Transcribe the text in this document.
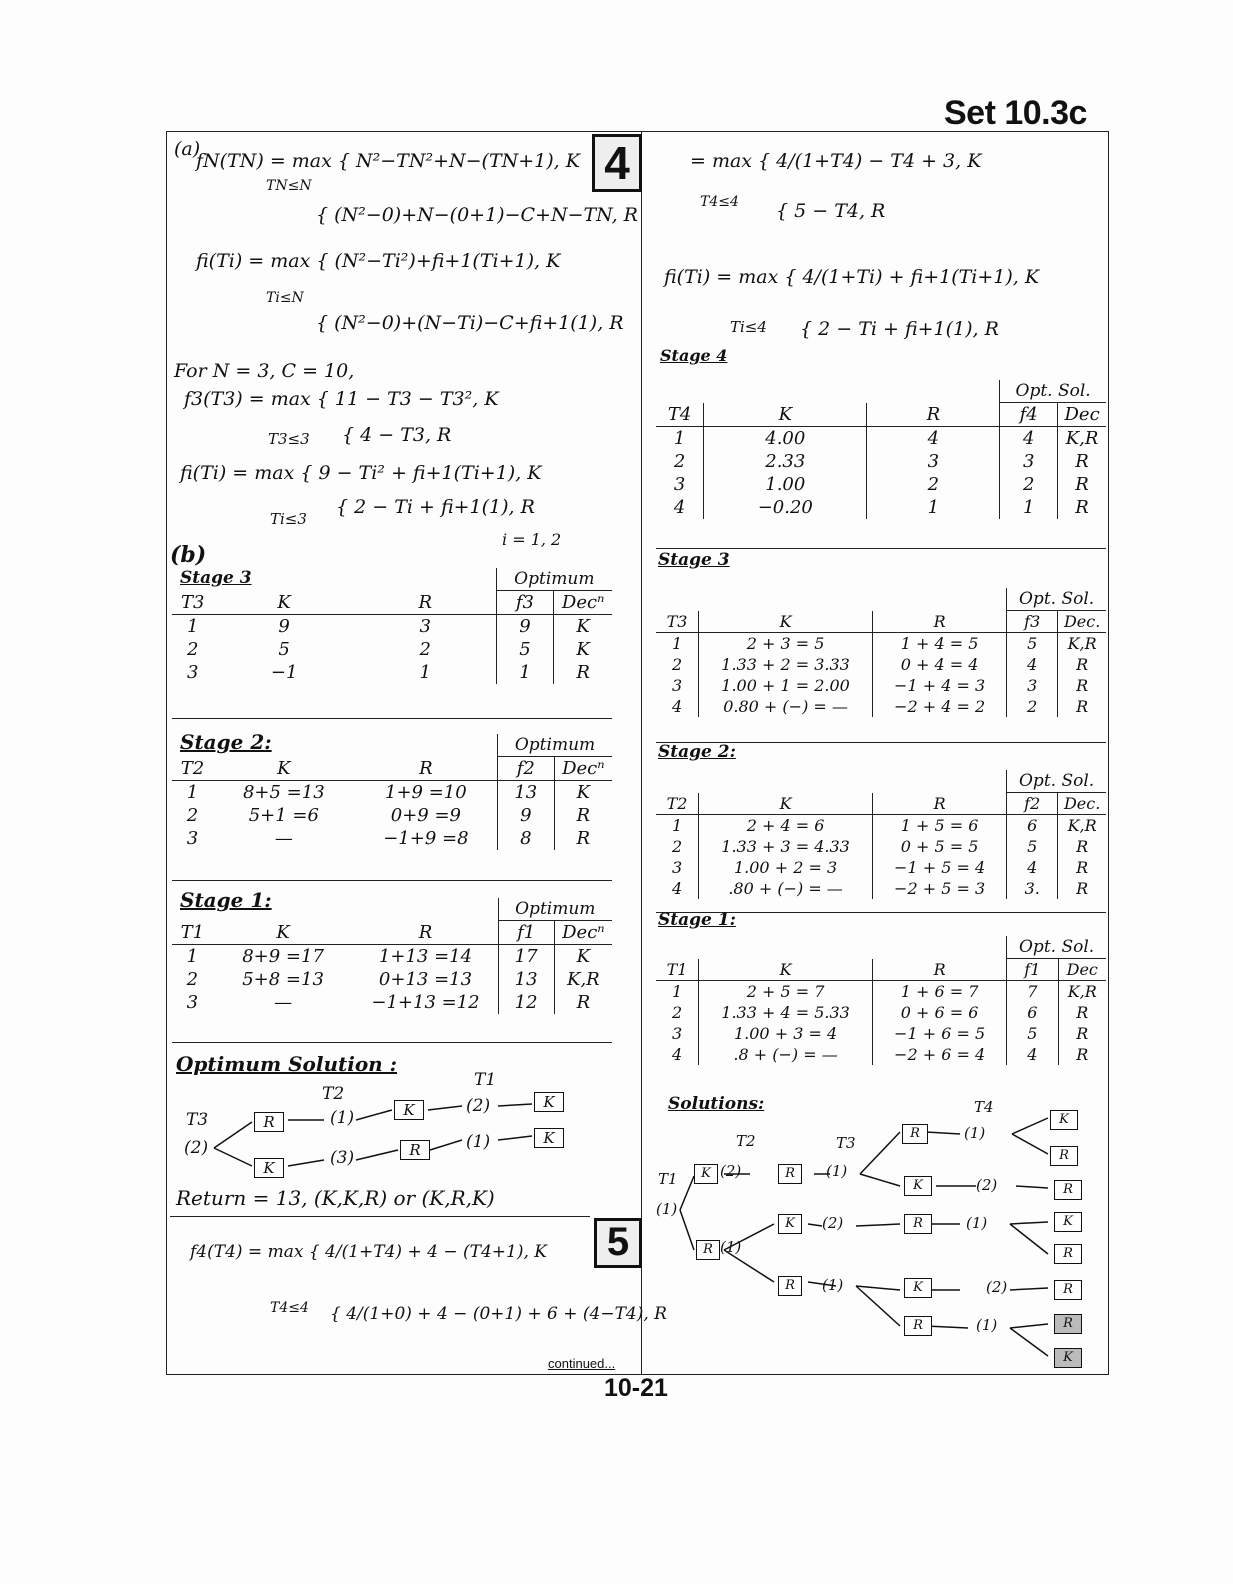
Set 10.3c
4
(a)
fN(TN) = max { N²−TN²+N−(TN+1), K
TN≤N
{ (N²−0)+N−(0+1)−C+N−TN, R
fi(Ti) = max { (N²−Ti²)+fi+1(Ti+1), K
Ti≤N
{ (N²−0)+(N−Ti)−C+fi+1(1), R
For N = 3, C = 10,
f3(T3) = max { 11 − T3 − T3², K
T3≤3 { 4 − T3, R
fi(Ti) = max { 9 − Ti² + fi+1(Ti+1), K
Ti≤3
{ 2 − Ti + fi+1(1), R
i = 1, 2
(b)
Stage 3
			Optimum	
T3	K	R	f3	Decⁿ
1	9	3	9	K
2	5	2	5	K
3	−1	1	1	R
Stage 2:
			Optimum	
T2	K	R	f2	Decⁿ
1	8+5 =13	1+9 =10	13	K
2	5+1 =6	0+9 =9	9	R
3	—	−1+9 =8	8	R
Stage 1:
			Optimum	
T1	K	R	f1	Decⁿ
1	8+9 =17	1+13 =14	17	K
2	5+8 =13	0+13 =13	13	K,R
3	—	−1+13 =12	12	R
Optimum Solution :
T3
T2
T1
(2)
R	(1)	K	(2)	K
K	(3)	R	(1)	K
Return = 13, (K,K,R) or (K,R,K)
5
f4(T4) = max { 4/(1+T4) + 4 − (T4+1), K
T4≤4 { 4/(1+0) + 4 − (0+1) + 6 + (4−T4), R
= max { 4/(1+T4) − T4 + 3, K
T4≤4 { 5 − T4, R
fi(Ti) = max { 4/(1+Ti) + fi+1(Ti+1), K
Ti≤4 { 2 − Ti + fi+1(1), R
Stage 4
			Opt. Sol.	
T4	K	R	f4	Dec
1	4.00	4	4	K,R
2	2.33	3	3	R
3	1.00	2	2	R
4	−0.20	1	1	R
Stage 3
			Opt. Sol.	
T3	K	R	f3	Dec.
1	2 + 3 = 5	1 + 4 = 5	5	K,R
2	1.33 + 2 = 3.33	0 + 4 = 4	4	R
3	1.00 + 1 = 2.00	−1 + 4 = 3	3	R
4	0.80 + (−) = —	−2 + 4 = 2	2	R
Stage 2:
			Opt. Sol.	
T2	K	R	f2	Dec.
1	2 + 4 = 6	1 + 5 = 6	6	K,R
2	1.33 + 3 = 4.33	0 + 5 = 5	5	R
3	1.00 + 2 = 3	−1 + 5 = 4	4	R
4	.80 + (−) = —	−2 + 5 = 3	3.	R
Stage 1:
			Opt. Sol.	
T1	K	R	f1	Dec
1	2 + 5 = 7	1 + 6 = 7	7	K,R
2	1.33 + 4 = 5.33	0 + 6 = 6	6	R
3	1.00 + 3 = 4	−1 + 6 = 5	5	R
4	.8 + (−) = —	−2 + 6 = 4	4	R
Solutions:	T4
T2	T3
T1
(1)
K (2)	R	(1)
R	(1)
K
R
K	(2)	R
R (1)
K	(2)	R	(1)	K
R
R	(1)	K	(2)	R
R	(1)	R
K
continued...
10-21
